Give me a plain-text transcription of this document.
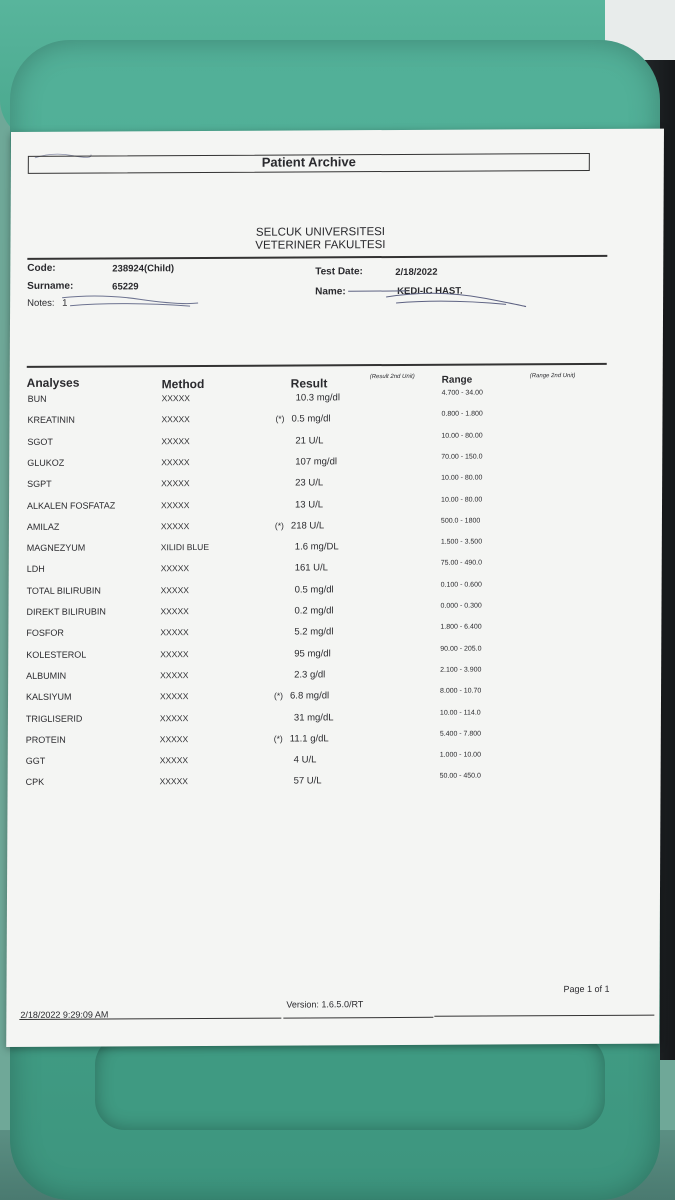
Patient Archive
SELCUK UNIVERSITESI
VETERINER FAKULTESI
Code:	238924(Child)
Surname:	65229
Notes: 1
Test Date:	2/18/2022
Name:	KEDI-IC HAST.
Analyses	Method	Result	(Result 2nd Unit)	Range	(Range 2nd Unit)
BUN	XXXXX	10.3 mg/dl	4.700 - 34.00
KREATININ	XXXXX	(*) 0.5 mg/dl	0.800 - 1.800
SGOT	XXXXX	21 U/L	10.00 - 80.00
GLUKOZ	XXXXX	107 mg/dl	70.00 - 150.0
SGPT	XXXXX	23 U/L	10.00 - 80.00
ALKALEN FOSFATAZ	XXXXX	13 U/L	10.00 - 80.00
AMILAZ	XXXXX	(*) 218 U/L	500.0 - 1800
MAGNEZYUM	XILIDI BLUE	1.6 mg/DL	1.500 - 3.500
LDH	XXXXX	161 U/L	75.00 - 490.0
TOTAL BILIRUBIN	XXXXX	0.5 mg/dl	0.100 - 0.600
DIREKT BILIRUBIN	XXXXX	0.2 mg/dl	0.000 - 0.300
FOSFOR	XXXXX	5.2 mg/dl	1.800 - 6.400
KOLESTEROL	XXXXX	95 mg/dl	90.00 - 205.0
ALBUMIN	XXXXX	2.3 g/dl	2.100 - 3.900
KALSIYUM	XXXXX	(*) 6.8 mg/dl	8.000 - 10.70
TRIGLISERID	XXXXX	31 mg/dL	10.00 - 114.0
PROTEIN	XXXXX	(*) 11.1 g/dL	5.400 - 7.800
GGT	XXXXX	4 U/L	1.000 - 10.00
CPK	XXXXX	57 U/L	50.00 - 450.0
2/18/2022 9:29:09 AM
Version: 1.6.5.0/RT
Page 1 of 1
